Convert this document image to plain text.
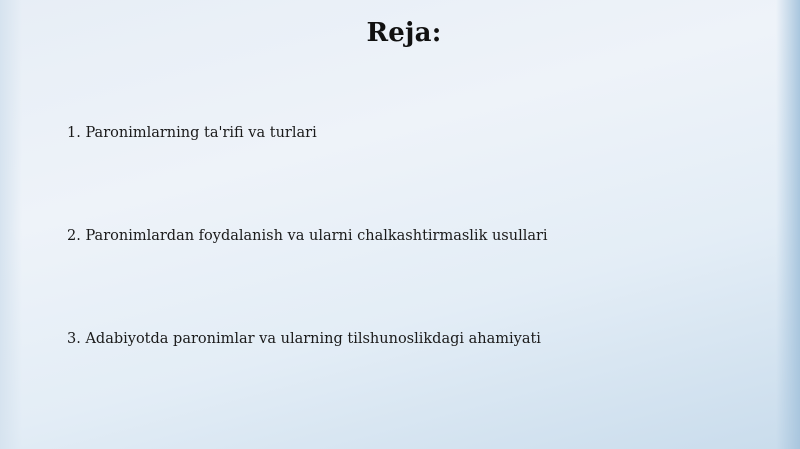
Reja:
1. Paronimlarning ta'rifi va turlari
2. Paronimlardan foydalanish va ularni chalkashtirmaslik usullari
3. Adabiyotda paronimlar va ularning tilshunoslikdagi ahamiyati
